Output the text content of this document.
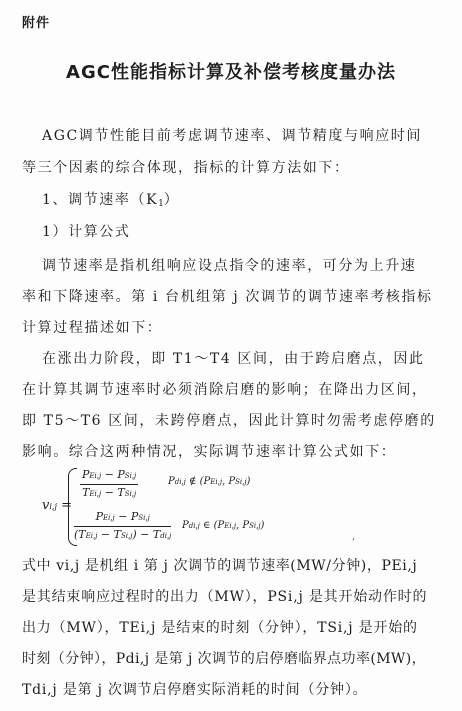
附件
AGC性能指标计算及补偿考核度量办法
AGC调节性能目前考虑调节速率、调节精度与响应时间
等三个因素的综合体现，指标的计算方法如下：
1、调节速率$(K_1)$
1）计算公式
调节速率是指机组响应设点指令的速率，可分为上升速
率和下降速率。第 i 台机组第 j 次调节的调节速率考核指标
计算过程描述如下：
在涨出力阶段，即 T1～T4 区间，由于跨启磨点，因此
在计算其调节速率时必须消除启磨的影响；在降出力区间，
即 T5～T6 区间，未跨停磨点，因此计算时勿需考虑停磨的
影响。综合这两种情况，实际调节速率计算公式如下：
vi,j =
PEi,j − PSi,j
TEi,j − TSi,j
Pdi,j ∉ (PEi,j, PSi,j)
PEi,j − PSi,j
(TEi,j − TSi,j) − Tdi,j
Pdi,j ∈ (PEi,j, PSi,j)
,
式中 vi,j 是机组 i 第 j 次调节的调节速率(MW/分钟)，PEi,j
是其结束响应过程时的出力（MW），PSi,j 是其开始动作时的
出力（MW），TEi,j 是结束的时刻（分钟），TSi,j 是开始的
时刻（分钟），Pdi,j 是第 j 次调节的启停磨临界点功率(MW)，
Tdi,j 是第 j 次调节启停磨实际消耗的时间（分钟）。
